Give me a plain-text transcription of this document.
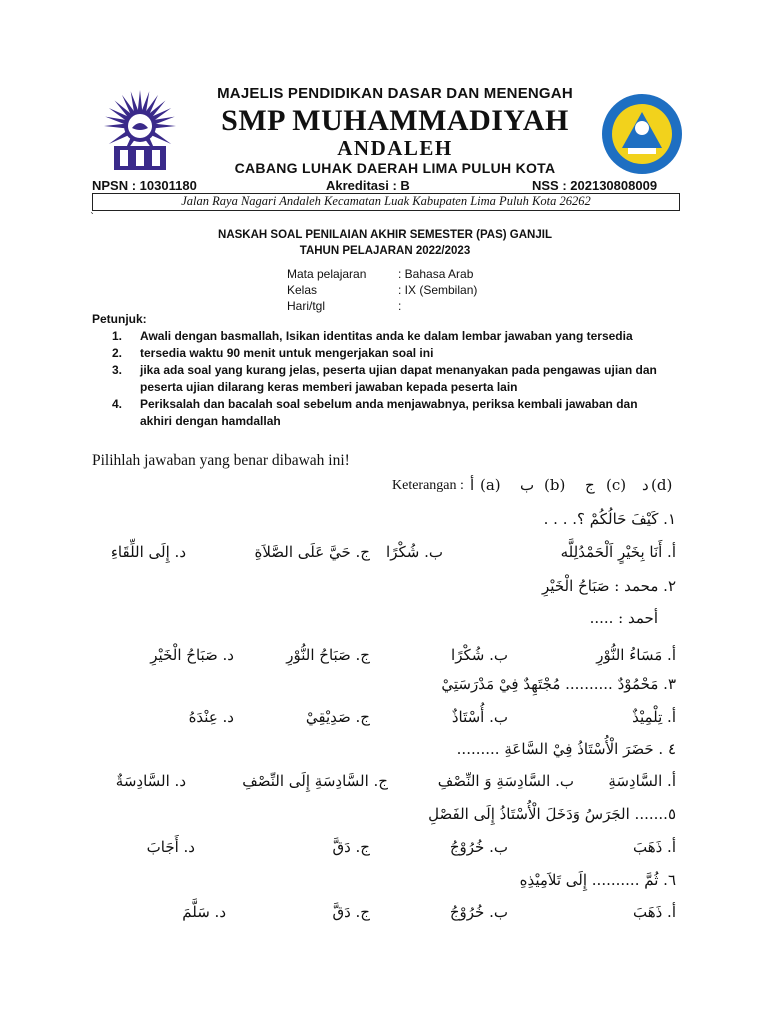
MAJELIS PENDIDIKAN DASAR DAN MENENGAH
SMP MUHAMMADIYAH
ANDALEH
CABANG LUHAK DAERAH LIMA PULUH KOTA
NPSN : 10301180	Akreditasi : B	NSS : 202130808009
Jalan Raya Nagari Andaleh Kecamatan Luak Kabupaten Lima Puluh Kota 26262
`
NASKAH SOAL PENILAIAN AKHIR SEMESTER (PAS) GANJIL
TAHUN PELAJARAN 2022/2023
Mata pelajaran	: Bahasa Arab
Kelas	: IX (Sembilan)
Hari/tgl	:
Petunjuk:
1. Awali dengan basmallah, Isikan identitas anda ke dalam lembar jawaban yang tersedia
2. tersedia waktu 90 menit untuk mengerjakan soal ini
3. jika ada soal yang kurang jelas, peserta ujian dapat menanyakan pada pengawas ujian dan peserta ujian dilarang keras memberi jawaban kepada peserta lain
4. Periksalah dan bacalah soal sebelum anda menjawabnya, periksa kembali jawaban dan akhiri dengan hamdallah
Pilihlah jawaban yang benar dibawah ini!
Keterangan : أ (a) ب (b) ج (c) د (d)
١. كَيْفَ حَالُكُمْ ؟. . . .
أ. أَنَا بِخَيْرٍ اَلْحَمْدُلِلَّه
ب. شُكْرًا
ج. حَيَّ عَلَى الصَّلاَةِ
د. إِلَى اللِّقَاءِ
٢. محمد : صَبَاحُ الْخَيْرِ
أحمد : .....
أ. مَسَاءُ النُّوْرِ
ب. شُكْرًا
ج. صَبَاحُ النُّوْرِ
د. صَبَاحُ الْخَيْرِ
٣. مَحْمُوْدٌ .......... مُجْتَهِدٌ فِيْ مَدْرَسَتِيْ
أ. تِلْمِيْذٌ
ب. أُسْتَاذٌ
ج. صَدِيْقِيْ
د. عِنْدَهُ
٤ . حَضَرَ الْأُسْتَاذُ فِيْ السَّاعَةِ .........
أ. السَّادِسَةِ
ب. السَّادِسَةِ وَ النِّصْفِ
ج. السَّادِسَةِ إِلَى النِّصْفِ
د. السَّادِسَةٌ
٥....... الجَرَسُ وَدَخَلَ الْأُسْتَاذُ إِلَى الفَصْلِ
أ. ذَهَبَ
ب. خُرُوْجُ
ج. دَقَّ
د. أَجَابَ
٦. ثُمَّ .......... إِلَى تَلاَمِيْذِهِ
أ. ذَهَبَ
ب. خُرُوْجُ
ج. دَقَّ
د. سَلَّمَ
